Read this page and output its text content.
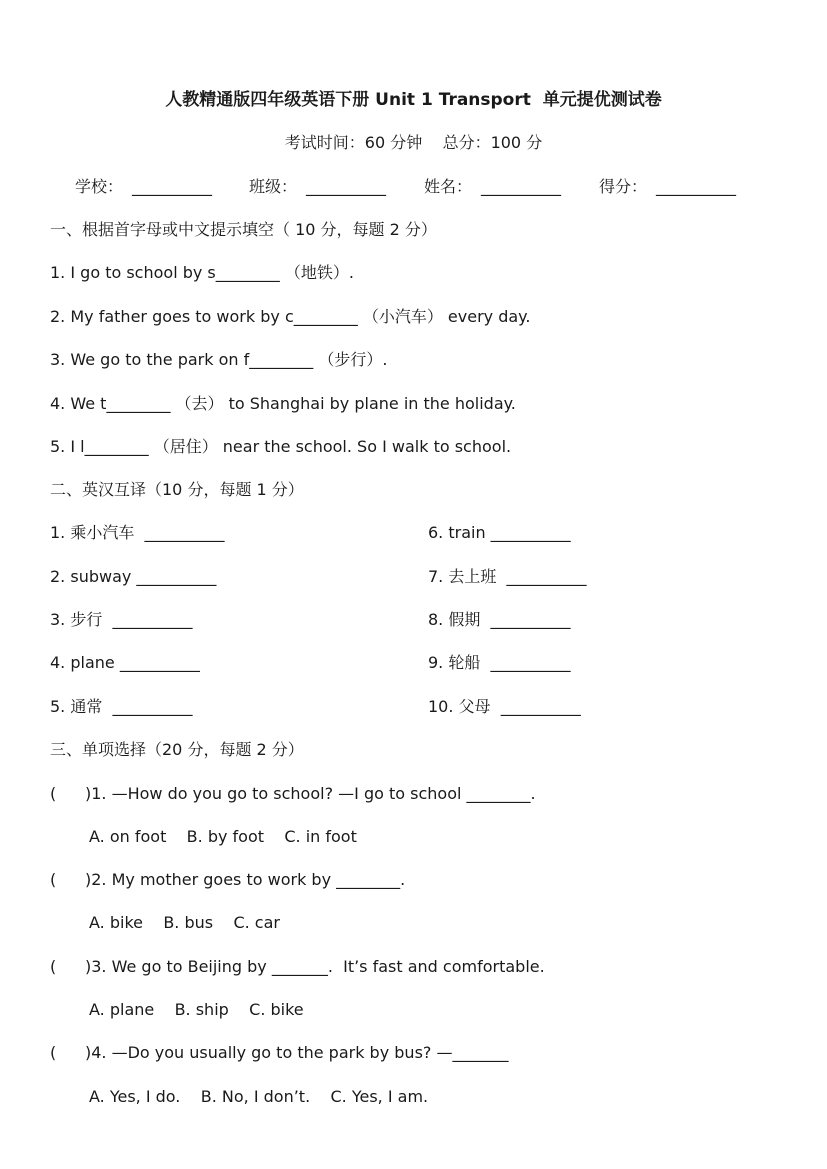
人教精通版四年级英语下册 Unit 1 Transport  单元提优测试卷
考试时间：60 分钟    总分：100 分
学校： __________ 班级： __________ 姓名： __________ 得分： __________
一、根据首字母或中文提示填空（ 10 分，每题 2 分）
1. I go to school by s________ （地铁）.
2. My father goes to work by c________ （小汽车） every day.
3. We go to the park on f________ （步行）.
4. We t________ （去） to Shanghai by plane in the holiday.
5. I l________ （居住） near the school. So I walk to school.
二、英汉互译（10 分，每题 1 分）
1. 乘小汽车  __________
2. subway __________
3. 步行  __________
4. plane __________
5. 通常  __________
6. train __________
7. 去上班  __________
8. 假期  __________
9. 轮船  __________
10. 父母  __________
三、单项选择（20 分，每题 2 分）
( )1. —How do you go to school? —I go to school ________.
A. on foot    B. by foot    C. in foot
( )2. My mother goes to work by ________.
A. bike    B. bus    C. car
( )3. We go to Beijing by _______.  It’s fast and comfortable.
A. plane    B. ship    C. bike
( )4. —Do you usually go to the park by bus? —_______
A. Yes, I do.    B. No, I don’t.    C. Yes, I am.
